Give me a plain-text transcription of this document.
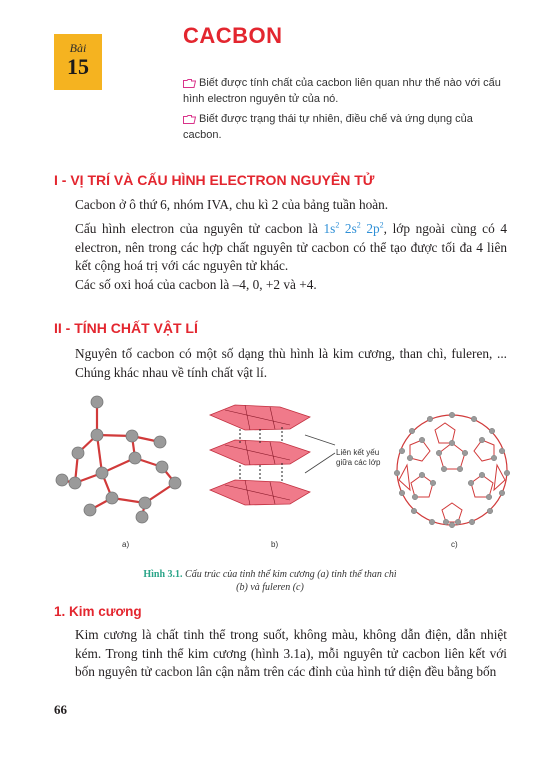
Bài
15
CACBON
Biết được tính chất của cacbon liên quan như thế nào với cấu hình electron nguyên tử của nó.
Biết được trạng thái tự nhiên, điều chế và ứng dụng của cacbon.
I - VỊ TRÍ VÀ CẤU HÌNH ELECTRON NGUYÊN TỬ
Cacbon ở ô thứ 6, nhóm IVA, chu kì 2 của bảng tuần hoàn.
Cấu hình electron của nguyên tử cacbon là $1s^2$ $2s^2$ $2p^2$, lớp ngoài cùng có 4 electron, nên trong các hợp chất nguyên tử cacbon có thể tạo được tối đa 4 liên kết cộng hoá trị với các nguyên tử khác.
Các số oxi hoá của cacbon là –4, 0, +2 và +4.
II - TÍNH CHẤT VẬT LÍ
Nguyên tố cacbon có một số dạng thù hình là kim cương, than chì, fuleren, ... Chúng khác nhau về tính chất vật lí.
Liên kết yếu
giữa các lớp
a)	b)	c)
Hình 3.1. Cấu trúc của tinh thể kim cương (a) tinh thể than chì (b) và fuleren (c)
1. Kim cương
Kim cương là chất tinh thể trong suốt, không màu, không dẫn điện, dẫn nhiệt kém. Trong tinh thể kim cương (hình 3.1a), mỗi nguyên tử cacbon liên kết với bốn nguyên tử cacbon lân cận nằm trên các đỉnh của hình tứ diện đều bằng bốn
66
